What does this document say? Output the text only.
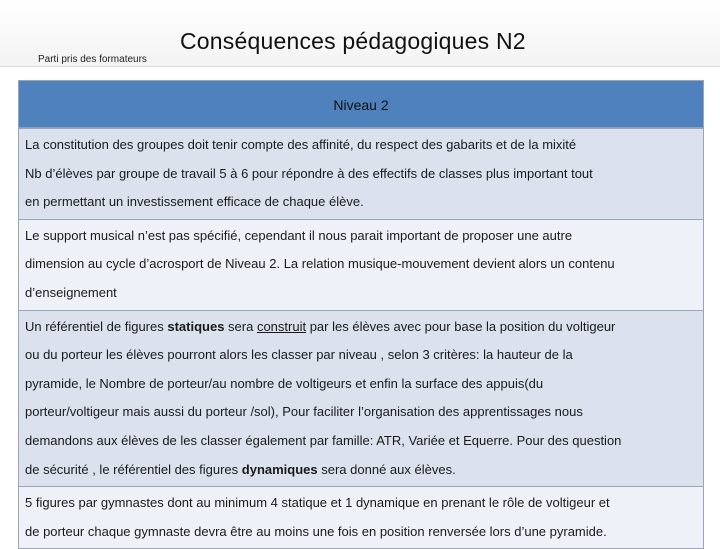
Parti pris des formateurs
Conséquences pédagogiques N2
Niveau 2

La constitution des groupes doit tenir compte des affinité, du respect des gabarits et de la mixité

Nb d’élèves par groupe de travail 5 à 6 pour répondre à des effectifs de classes plus important tout

en permettant un investissement efficace de chaque élève.

Le support musical n’est pas spécifié, cependant il nous parait important de proposer une autre

dimension au cycle d’acrosport de Niveau 2. La relation musique-mouvement devient alors un contenu

d’enseignement

Un référentiel de figures statiques sera construit par les élèves avec pour base la position du voltigeur

ou du porteur les élèves pourront alors les classer par niveau , selon 3 critères: la hauteur de la

pyramide, le Nombre de porteur/au nombre de voltigeurs et enfin la surface des appuis(du

porteur/voltigeur mais aussi du porteur /sol), Pour faciliter l’organisation des apprentissages nous

demandons aux élèves de les classer également par famille: ATR, Variée et Equerre. Pour des question

de sécurité , le référentiel des figures dynamiques sera donné aux élèves.

5 figures par gymnastes dont au minimum 4 statique et 1 dynamique en prenant le rôle de voltigeur et

de porteur chaque gymnaste devra être au moins une fois en position renversée lors d’une pyramide.
